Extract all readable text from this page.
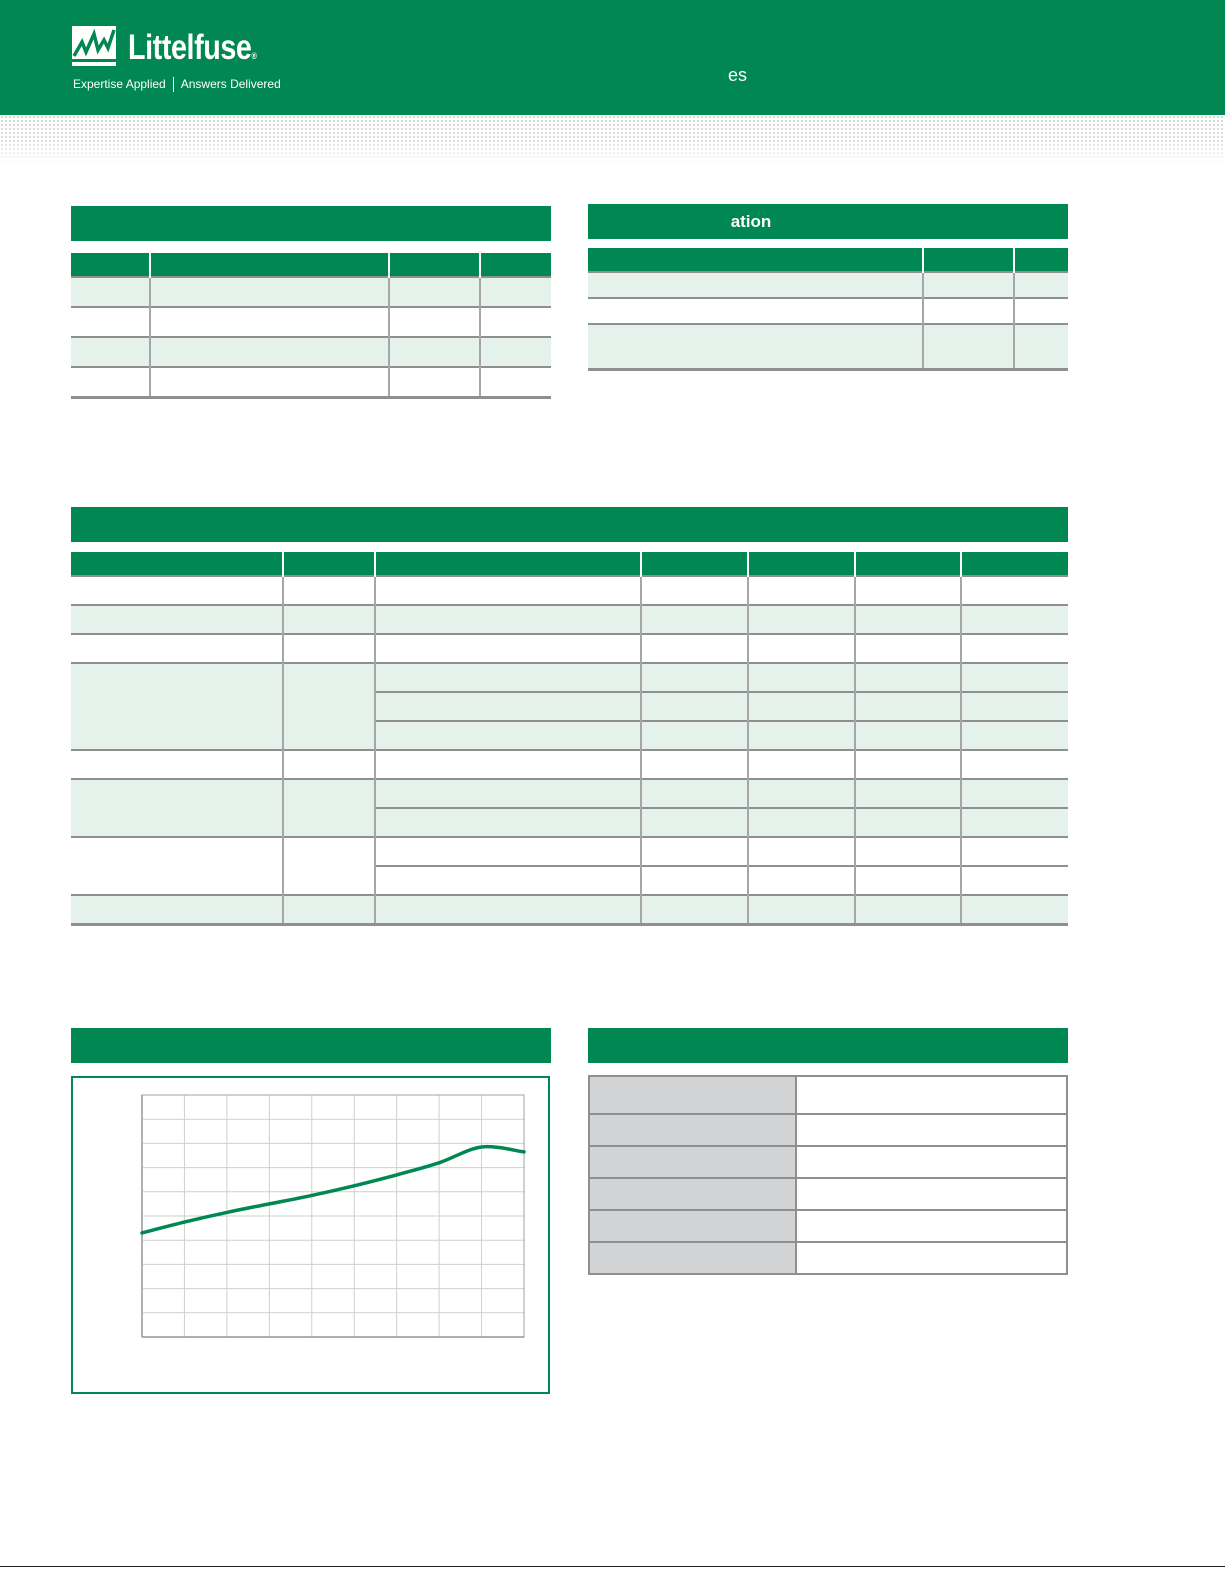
Littelfuse®
Expertise Applied Answers Delivered	es

ation
